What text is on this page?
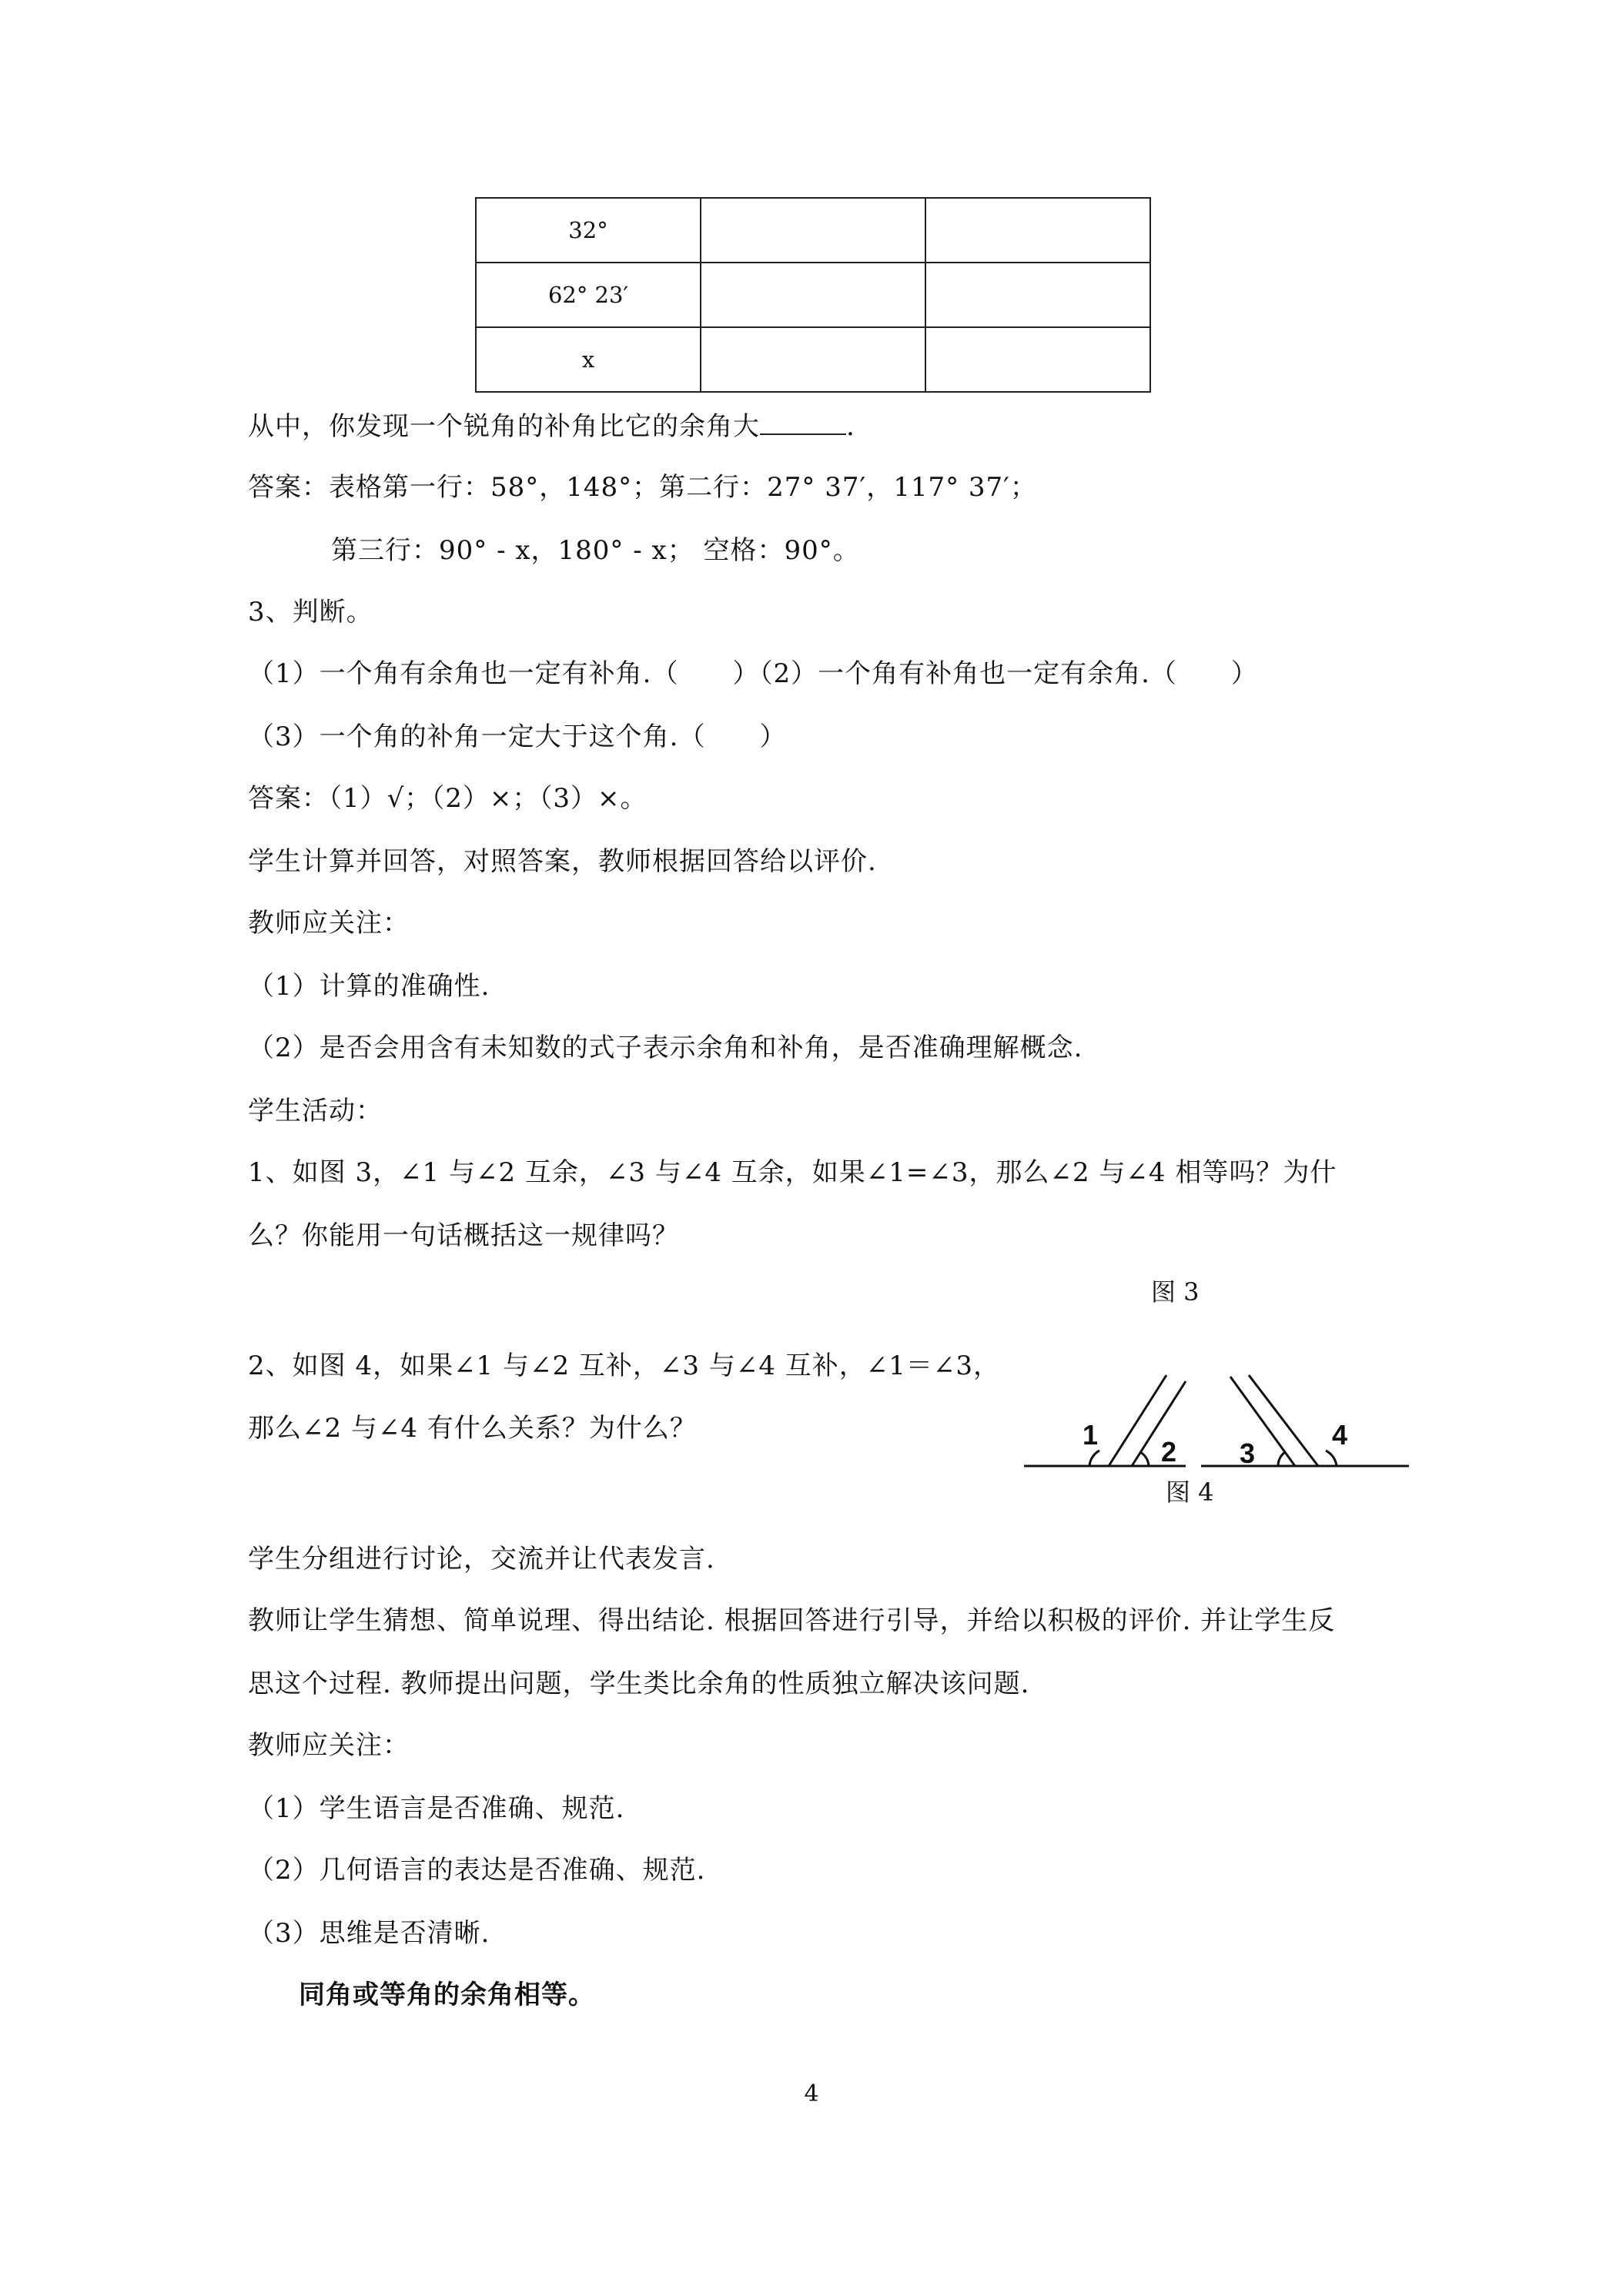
32°		
62° 23′		
x		
从中，你发现一个锐角的补角比它的余角大	.
答案：表格第一行：58°，148°；第二行：27° 37′，117° 37′；
第三行：90° - x，180° - x； 空格：90°。
3、判断。
（1）一个角有余角也一定有补角.（ ）（2）一个角有补角也一定有余角.（ ）
（3）一个角的补角一定大于这个角.（ ）
答案：（1）√；（2）×；（3）×。
学生计算并回答，对照答案，教师根据回答给以评价.
教师应关注：
（1）计算的准确性.
（2）是否会用含有未知数的式子表示余角和补角，是否准确理解概念.
学生活动：
1、如图 3，∠1 与∠2 互余，∠3 与∠4 互余，如果∠1=∠3，那么∠2 与∠4 相等吗？为什
么？你能用一句话概括这一规律吗？
图 3
2、如图 4，如果∠1 与∠2 互补，∠3 与∠4 互补，∠1＝∠3，
那么∠2 与∠4 有什么关系？为什么？	1
2 3
4
图 4
学生分组进行讨论，交流并让代表发言.
教师让学生猜想、简单说理、得出结论. 根据回答进行引导，并给以积极的评价. 并让学生反
思这个过程. 教师提出问题，学生类比余角的性质独立解决该问题.
教师应关注：
（1）学生语言是否准确、规范.
（2）几何语言的表达是否准确、规范.
（3）思维是否清晰.
同角或等角的余角相等。
4
